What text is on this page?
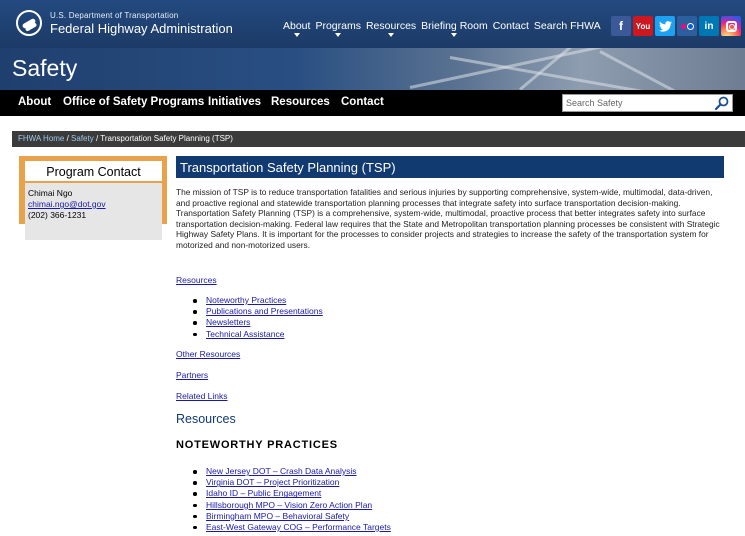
U.S. Department of Transportation
Federal Highway Administration	About Programs Resources Briefing Room Contact Search FHWA f You	in
Safety
About Office of Safety Programs Initiatives Resources Contact
Search Safety
FHWA Home / Safety / Transportation Safety Planning (TSP)
Program Contact
Chimai Ngo
chimai.ngo@dot.gov
(202) 366-1231
Transportation Safety Planning (TSP)
The mission of TSP is to reduce transportation fatalities and serious injuries by supporting comprehensive, system-wide, multimodal, data-driven, and proactive regional and statewide transportation planning processes that integrate safety into surface transportation decision-making. Transportation Safety Planning (TSP) is a comprehensive, system-wide, multimodal, proactive process that better integrates safety into surface transportation decision-making. Federal law requires that the State and Metropolitan transportation planning processes be consistent with Strategic Highway Safety Plans. It is important for the processes to consider projects and strategies to increase the safety of the transportation system for motorized and non-motorized users.
Resources
Noteworthy Practices
Publications and Presentations
Newsletters
Technical Assistance
Other Resources
Partners
Related Links
Resources
NOTEWORTHY PRACTICES
New Jersey DOT – Crash Data Analysis
Virginia DOT – Project Prioritization
Idaho ID – Public Engagement
Hillsborough MPO – Vision Zero Action Plan
Birmingham MPO – Behavioral Safety
East-West Gateway COG – Performance Targets
